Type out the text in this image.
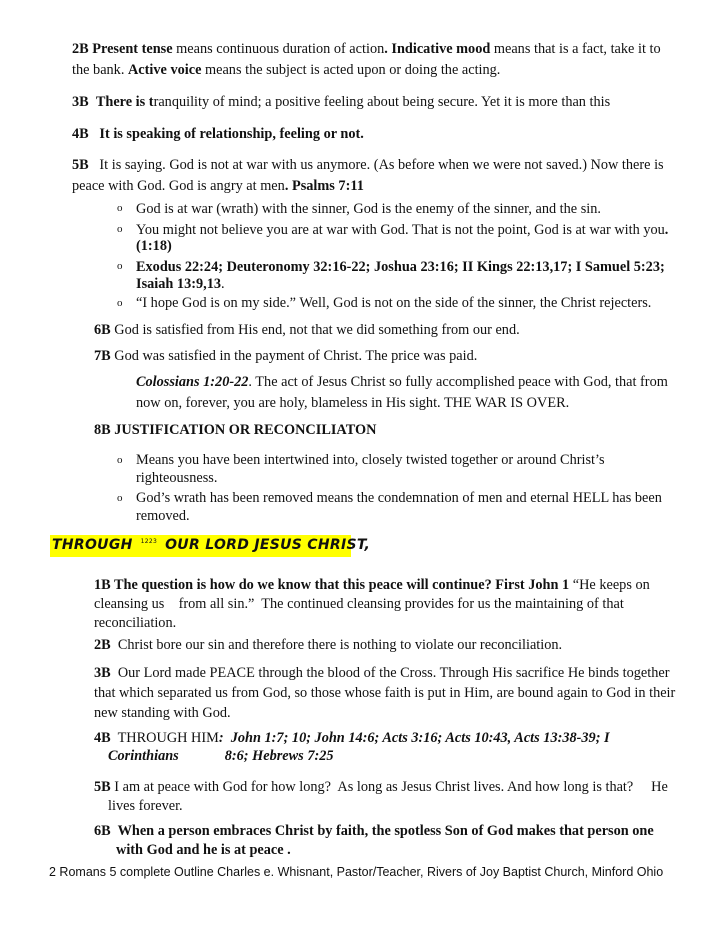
2B Present tense means continuous duration of action. Indicative mood means that is a fact, take it to
the bank. Active voice means the subject is acted upon or doing the acting.
3B There is tranquility of mind; a positive feeling about being secure. Yet it is more than this
4B It is speaking of relationship, feeling or not.
5B It is saying. God is not at war with us anymore. (As before when we were not saved.) Now there is
peace with God. God is angry at men. Psalms 7:11
o God is at war (wrath) with the sinner, God is the enemy of the sinner, and the sin.
o You might not believe you are at war with God. That is not the point, God is at war with you.
(1:18)
o Exodus 22:24; Deuteronomy 32:16-22; Joshua 23:16; II Kings 22:13,17; I Samuel 5:23;
Isaiah 13:9,13.
o “I hope God is on my side.” Well, God is not on the side of the sinner, the Christ rejecters.
6B God is satisfied from His end, not that we did something from our end.
7B God was satisfied in the payment of Christ. The price was paid.
Colossians 1:20-22. The act of Jesus Christ so fully accomplished peace with God, that from
now on, forever, you are holy, blameless in His sight. THE WAR IS OVER.
8B JUSTIFICATION OR RECONCILIATON
o Means you have been intertwined into, closely twisted together or around Christ’s
righteousness.
o God’s wrath has been removed means the condemnation of men and eternal HELL has been
removed.
THROUGH $^{1223}$ OUR LORD JESUS CHRIST,
1B The question is how do we know that this peace will continue? First John 1 “He keeps on
cleansing us    from all sin.”  The continued cleansing provides for us the maintaining of that
reconciliation.
2B  Christ bore our sin and therefore there is nothing to violate our reconciliation.
3B  Our Lord made PEACE through the blood of the Cross. Through His sacrifice He binds together
that which separated us from God, so those whose faith is put in Him, are bound again to God in their
new standing with God.
4B  THROUGH HIM:  John 1:7; 10; John 14:6; Acts 3:16; Acts 10:43, Acts 13:38-39; I
Corinthians	8:6; Hebrews 7:25
5B I am at peace with God for how long?  As long as Jesus Christ lives. And how long is that?     He
lives forever.
6B  When a person embraces Christ by faith, the spotless Son of God makes that person one
with God and he is at peace .
2 Romans 5 complete Outline Charles e. Whisnant, Pastor/Teacher, Rivers of Joy Baptist Church, Minford Ohio
